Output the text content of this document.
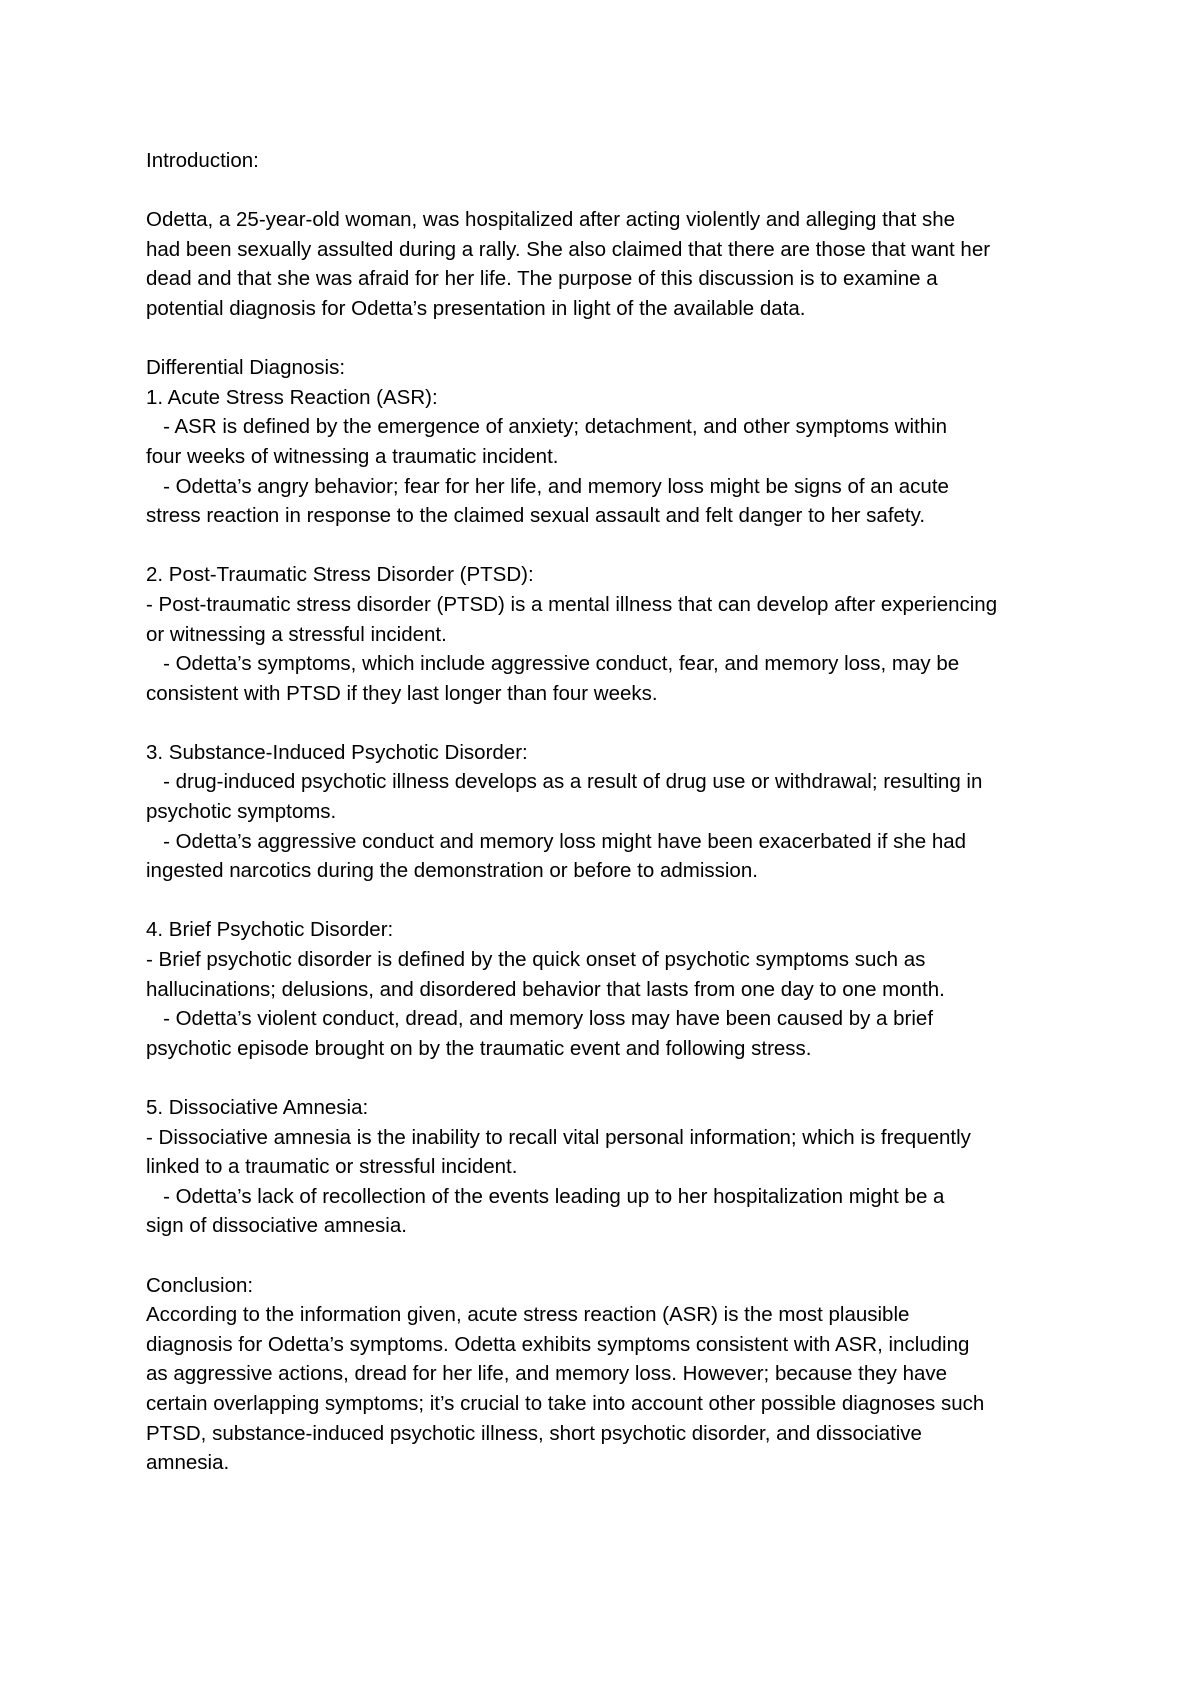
Introduction:

Odetta, a 25-year-old woman, was hospitalized after acting violently and alleging that she

had been sexually assulted during a rally. She also claimed that there are those that want her

dead and that she was afraid for her life. The purpose of this discussion is to examine a

potential diagnosis for Odetta’s presentation in light of the available data.

Differential Diagnosis:

1. Acute Stress Reaction (ASR):

- ASR is defined by the emergence of anxiety; detachment, and other symptoms within

four weeks of witnessing a traumatic incident.

- Odetta’s angry behavior; fear for her life, and memory loss might be signs of an acute

stress reaction in response to the claimed sexual assault and felt danger to her safety.

2. Post-Traumatic Stress Disorder (PTSD):

- Post-traumatic stress disorder (PTSD) is a mental illness that can develop after experiencing

or witnessing a stressful incident.

- Odetta’s symptoms, which include aggressive conduct, fear, and memory loss, may be

consistent with PTSD if they last longer than four weeks.

3. Substance-Induced Psychotic Disorder:

- drug-induced psychotic illness develops as a result of drug use or withdrawal; resulting in

psychotic symptoms.

- Odetta’s aggressive conduct and memory loss might have been exacerbated if she had

ingested narcotics during the demonstration or before to admission.

4. Brief Psychotic Disorder:

- Brief psychotic disorder is defined by the quick onset of psychotic symptoms such as

hallucinations; delusions, and disordered behavior that lasts from one day to one month.

- Odetta’s violent conduct, dread, and memory loss may have been caused by a brief

psychotic episode brought on by the traumatic event and following stress.

5. Dissociative Amnesia:

- Dissociative amnesia is the inability to recall vital personal information; which is frequently

linked to a traumatic or stressful incident.

- Odetta’s lack of recollection of the events leading up to her hospitalization might be a

sign of dissociative amnesia.

Conclusion:

According to the information given, acute stress reaction (ASR) is the most plausible

diagnosis for Odetta’s symptoms. Odetta exhibits symptoms consistent with ASR, including

as aggressive actions, dread for her life, and memory loss. However; because they have

certain overlapping symptoms; it’s crucial to take into account other possible diagnoses such

PTSD, substance-induced psychotic illness, short psychotic disorder, and dissociative

amnesia.
